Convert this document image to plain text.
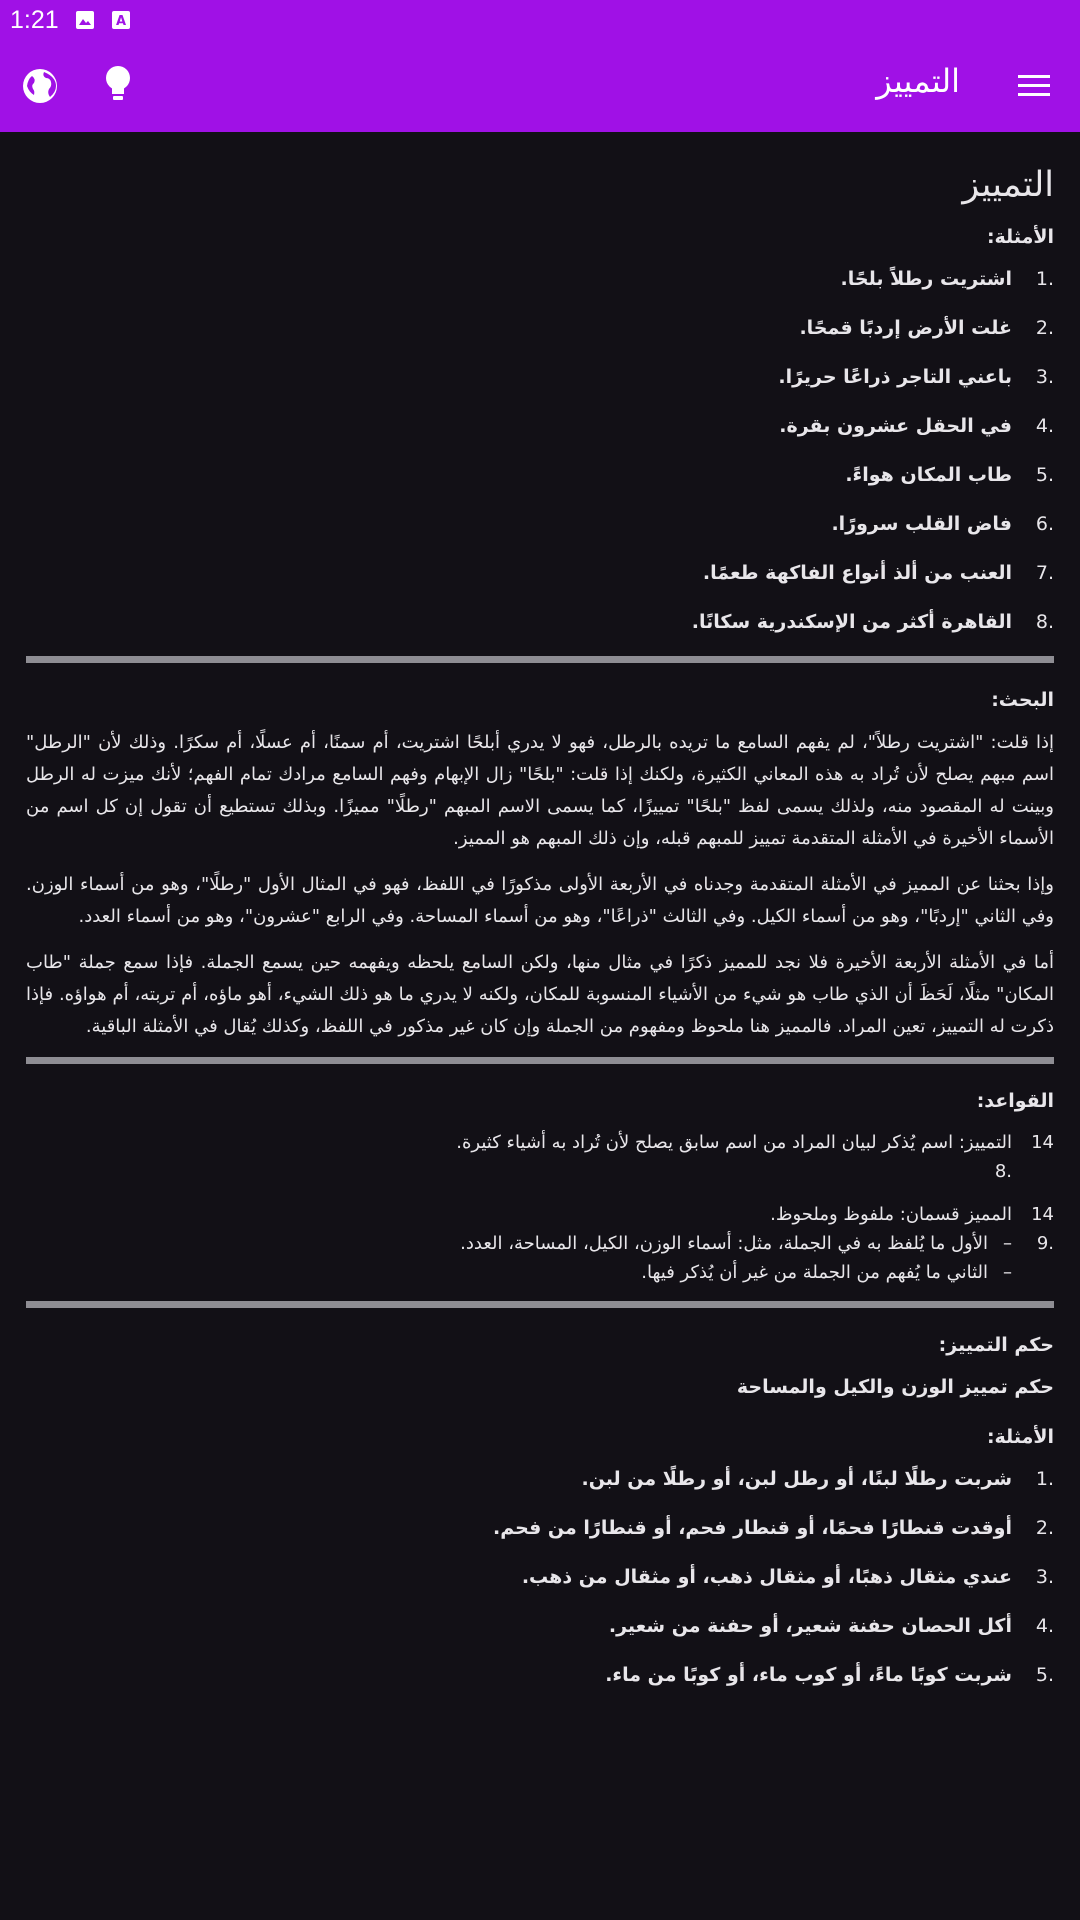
1:21	A
التمييز
التمييز
الأمثلة:
.1
اشتريت رطلاً بلحًا.
.2
غلت الأرض إردبًا قمحًا.
.3
باعني التاجر ذراعًا حريرًا.
.4
في الحقل عشرون بقرة.
.5
طاب المكان هواءً.
.6
فاض القلب سرورًا.
.7
العنب من ألذ أنواع الفاكهة طعمًا.
.8
القاهرة أكثر من الإسكندرية سكانًا.
البحث:

إذا قلت: "اشتريت رطلاً"، لم يفهم السامع ما تريده بالرطل، فهو لا يدري أبلحًا اشتريت، أم سمنًا، أم عسلًا، أم سكرًا. وذلك لأن "الرطل" اسم مبهم يصلح لأن تُراد به هذه المعاني الكثيرة، ولكنك إذا قلت: "بلحًا" زال الإبهام وفهم السامع مرادك تمام الفهم؛ لأنك ميزت له الرطل وبينت له المقصود منه، ولذلك يسمى لفظ "بلحًا" تمييزًا، كما يسمى الاسم المبهم "رطلًا" مميزًا. وبذلك تستطيع أن تقول إن كل اسم من الأسماء الأخيرة في الأمثلة المتقدمة تمييز للمبهم قبله، وإن ذلك المبهم هو المميز.

وإذا بحثنا عن المميز في الأمثلة المتقدمة وجدناه في الأربعة الأولى مذكورًا في اللفظ، فهو في المثال الأول "رطلًا"، وهو من أسماء الوزن. وفي الثاني "إردبًا"، وهو من أسماء الكيل. وفي الثالث "ذراعًا"، وهو من أسماء المساحة. وفي الرابع "عشرون"، وهو من أسماء العدد.

أما في الأمثلة الأربعة الأخيرة فلا نجد للمميز ذكرًا في مثال منها، ولكن السامع يلحظه ويفهمه حين يسمع الجملة. فإذا سمع جملة "طاب المكان" مثلًا، لَحَظَ أن الذي طاب هو شيء من الأشياء المنسوبة للمكان، ولكنه لا يدري ما هو ذلك الشيء، أهو ماؤه، أم تربته، أم هواؤه. فإذا ذكرت له التمييز، تعين المراد. فالمميز هنا ملحوظ ومفهوم من الجملة وإن كان غير مذكور في اللفظ، وكذلك يُقال في الأمثلة الباقية.

القواعد:
14
التمييز: اسم يُذكر لبيان المراد من اسم سابق يصلح لأن تُراد به أشياء كثيرة.
.8
14
المميز قسمان: ملفوظ وملحوظ.
–
الأول ما يُلفظ به في الجملة، مثل: أسماء الوزن، الكيل، المساحة، العدد.	.9
–
الثاني ما يُفهم من الجملة من غير أن يُذكر فيها.
حكم التمييز:
حكم تمييز الوزن والكيل والمساحة
الأمثلة:
.1
شربت رطلًا لبنًا، أو رطل لبن، أو رطلًا من لبن.
.2
أوقدت قنطارًا فحمًا، أو قنطار فحم، أو قنطارًا من فحم.
.3
عندي مثقال ذهبًا، أو مثقال ذهب، أو مثقال من ذهب.
.4
أكل الحصان حفنة شعير، أو حفنة من شعير.
.5
شربت كوبًا ماءً، أو كوب ماء، أو كوبًا من ماء.
